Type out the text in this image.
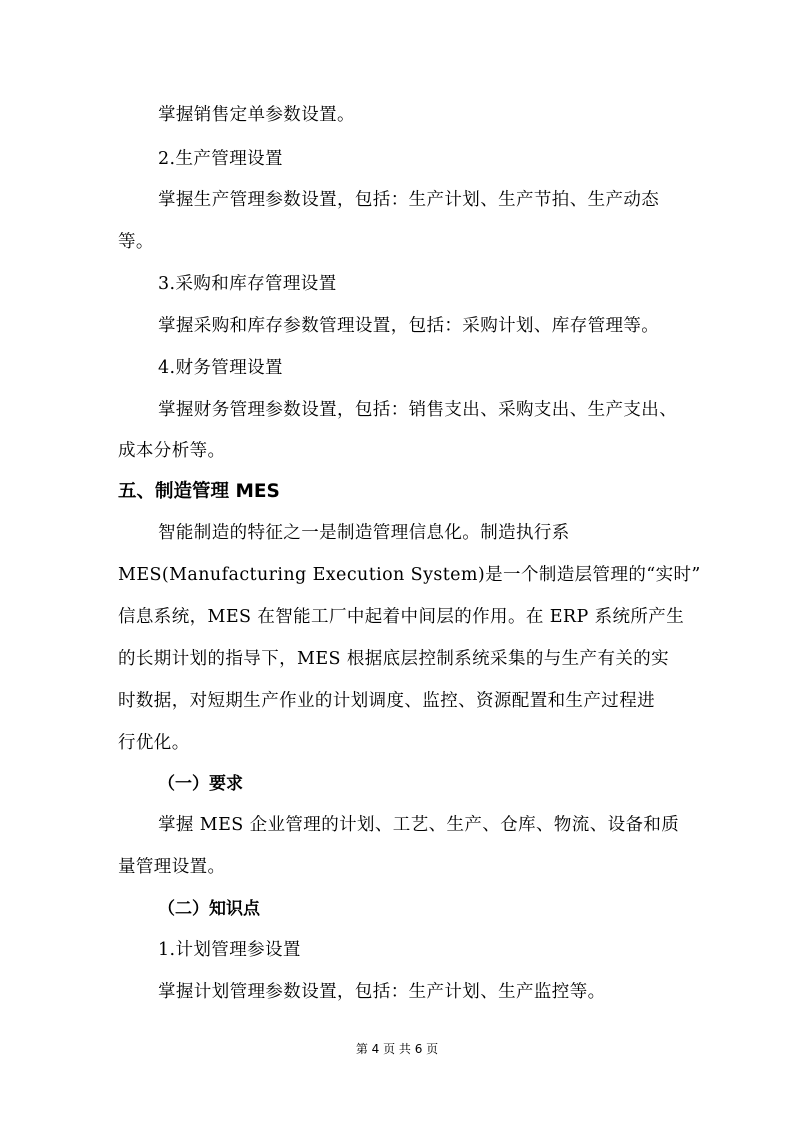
掌握销售定单参数设置。
2.生产管理设置
掌握生产管理参数设置，包括：生产计划、生产节拍、生产动态
等。
3.采购和库存管理设置
掌握采购和库存参数管理设置，包括：采购计划、库存管理等。
4.财务管理设置
掌握财务管理参数设置，包括：销售支出、采购支出、生产支出、
成本分析等。
五、制造管理 MES
智能制造的特征之一是制造管理信息化。制造执行系
MES(Manufacturing Execution System)是一个制造层管理的“实时”
信息系统，MES 在智能工厂中起着中间层的作用。在 ERP 系统所产生
的长期计划的指导下，MES 根据底层控制系统采集的与生产有关的实
时数据，对短期生产作业的计划调度、监控、资源配置和生产过程进
行优化。
（一）要求
掌握 MES 企业管理的计划、工艺、生产、仓库、物流、设备和质
量管理设置。
（二）知识点
1.计划管理参设置
掌握计划管理参数设置，包括：生产计划、生产监控等。
第 4 页 共 6 页
